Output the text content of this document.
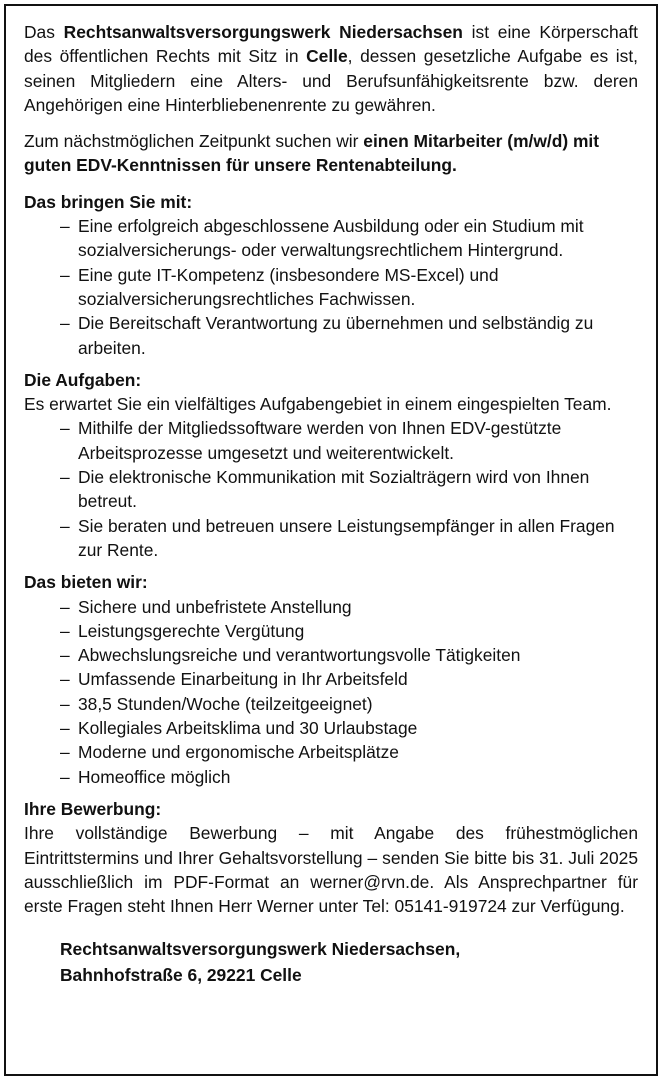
Das Rechtsanwaltsversorgungswerk Niedersachsen ist eine Körperschaft des öffentlichen Rechts mit Sitz in Celle, dessen gesetzliche Aufgabe es ist, seinen Mitgliedern eine Alters- und Berufsunfähigkeitsrente bzw. deren Angehörigen eine Hinterbliebenenrente zu gewähren.

Zum nächstmöglichen Zeitpunkt suchen wir einen Mitarbeiter (m/w/d) mit guten EDV-Kenntnissen für unsere Rentenabteilung.

Das bringen Sie mit:

– Eine erfolgreich abgeschlossene Ausbildung oder ein Studium mit sozialversicherungs- oder verwaltungsrechtlichem Hintergrund.
– Eine gute IT-Kompetenz (insbesondere MS-Excel) und sozialversicherungsrechtliches Fachwissen.
– Die Bereitschaft Verantwortung zu übernehmen und selbständig zu arbeiten.

Die Aufgaben:

Es erwartet Sie ein vielfältiges Aufgabengebiet in einem eingespielten Team.

– Mithilfe der Mitgliedssoftware werden von Ihnen EDV-gestützte Arbeitsprozesse umgesetzt und weiterentwickelt.
– Die elektronische Kommunikation mit Sozialträgern wird von Ihnen betreut.
– Sie beraten und betreuen unsere Leistungsempfänger in allen Fragen zur Rente.

Das bieten wir:

– Sichere und unbefristete Anstellung
– Leistungsgerechte Vergütung
– Abwechslungsreiche und verantwortungsvolle Tätigkeiten
– Umfassende Einarbeitung in Ihr Arbeitsfeld
– 38,5 Stunden/Woche (teilzeitgeeignet)
– Kollegiales Arbeitsklima und 30 Urlaubstage
– Moderne und ergonomische Arbeitsplätze
– Homeoffice möglich

Ihre Bewerbung:

Ihre vollständige Bewerbung – mit Angabe des frühestmöglichen Eintrittstermins und Ihrer Gehaltsvorstellung – senden Sie bitte bis 31. Juli 2025 ausschließlich im PDF-Format an werner@rvn.de. Als Ansprechpartner für erste Fragen steht Ihnen Herr Werner unter Tel: 05141-919724 zur Verfügung.

Rechtsanwaltsversorgungswerk Niedersachsen,
Bahnhofstraße 6, 29221 Celle
